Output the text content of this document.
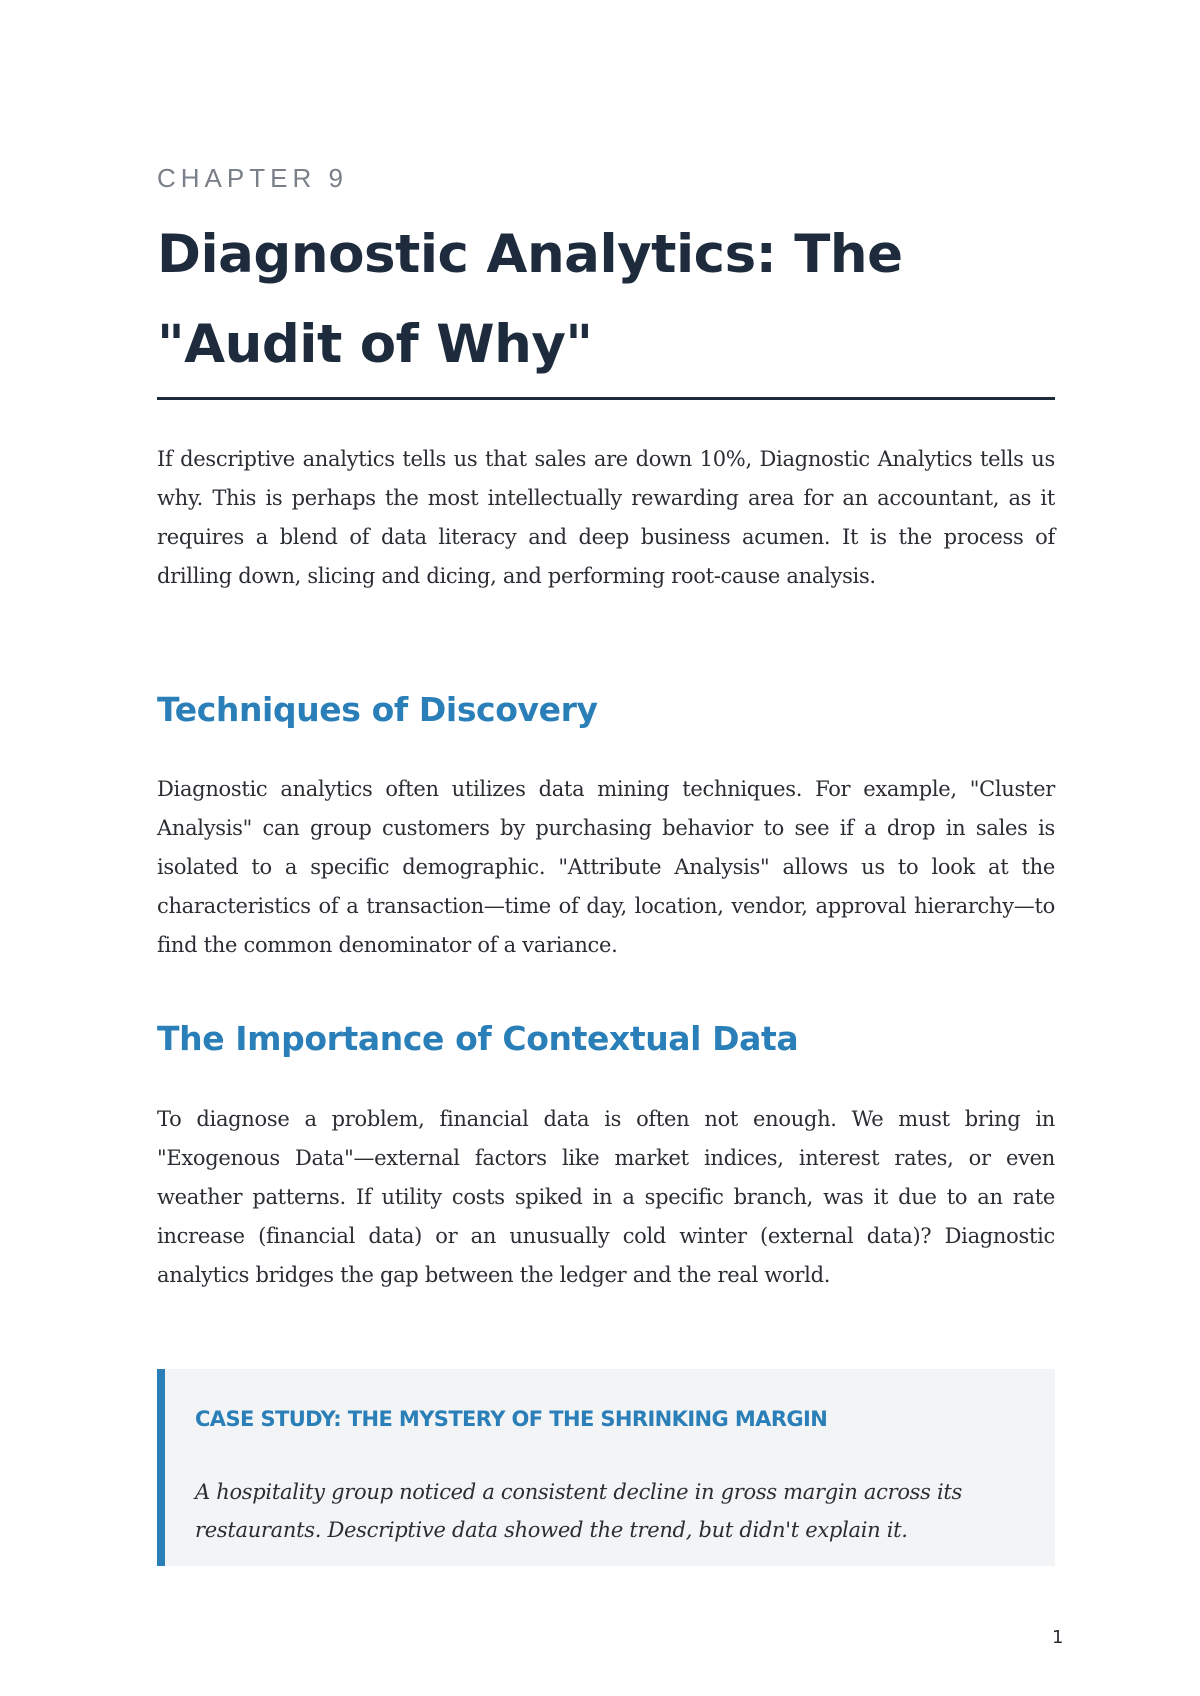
CHAPTER 9
Diagnostic Analytics: The "Audit of Why"

If descriptive analytics tells us that sales are down 10%, Diagnostic Analytics tells us why. This is perhaps the most intellectually rewarding area for an accountant, as it requires a blend of data literacy and deep business acumen. It is the process of drilling down, slicing and dicing, and performing root-cause analysis.

Techniques of Discovery

Diagnostic analytics often utilizes data mining techniques. For example, "Cluster Analysis" can group customers by purchasing behavior to see if a drop in sales is isolated to a specific demographic. "Attribute Analysis" allows us to look at the characteristics of a transaction—time of day, location, vendor, approval hierarchy—to find the common denominator of a variance.

The Importance of Contextual Data

To diagnose a problem, financial data is often not enough. We must bring in "Exogenous Data"—external factors like market indices, interest rates, or even weather patterns. If utility costs spiked in a specific branch, was it due to an rate increase (financial data) or an unusually cold winter (external data)? Diagnostic analytics bridges the gap between the ledger and the real world.

CASE STUDY: THE MYSTERY OF THE SHRINKING MARGIN

A hospitality group noticed a consistent decline in gross margin across its restaurants. Descriptive data showed the trend, but didn't explain it.

1
